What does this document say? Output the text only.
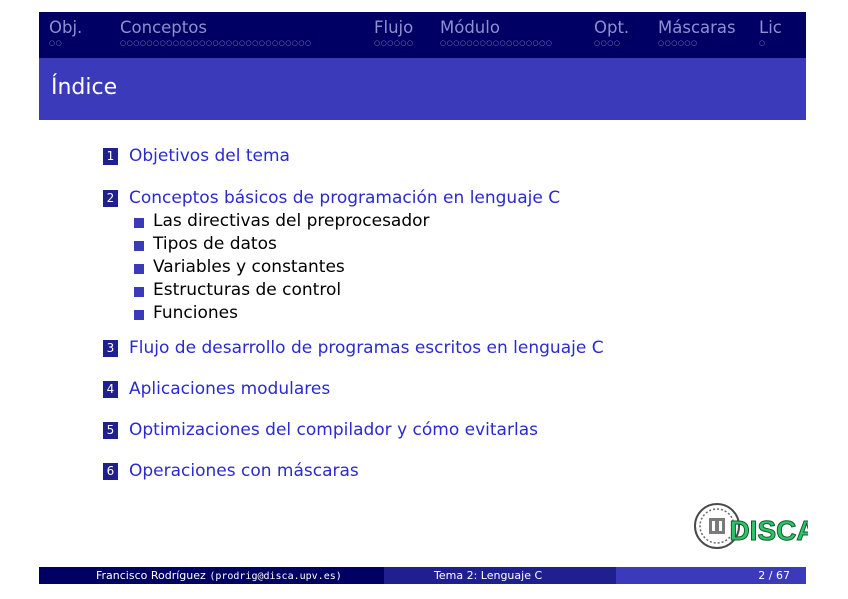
Obj.
○○
Conceptos
○○○○○○○○○○○○○○○○○○○○○○○○○○○○○
Flujo
○○○○○○
Módulo
○○○○○○○○○○○○○○○○○
Opt.
○○○○
Máscaras
○○○○○○
Lic
○
Índice
1 Objetivos del tema
2 Conceptos básicos de programación en lenguaje C
Las directivas del preprocesador
Tipos de datos
Variables y constantes
Estructuras de control
Funciones
3 Flujo de desarrollo de programas escritos en lenguaje C
4 Aplicaciones modulares
5 Optimizaciones del compilador y cómo evitarlas
6 Operaciones con máscaras
DISCA
Francisco Rodríguez (prodrig@disca.upv.es)	Tema 2: Lenguaje C	2 / 67
